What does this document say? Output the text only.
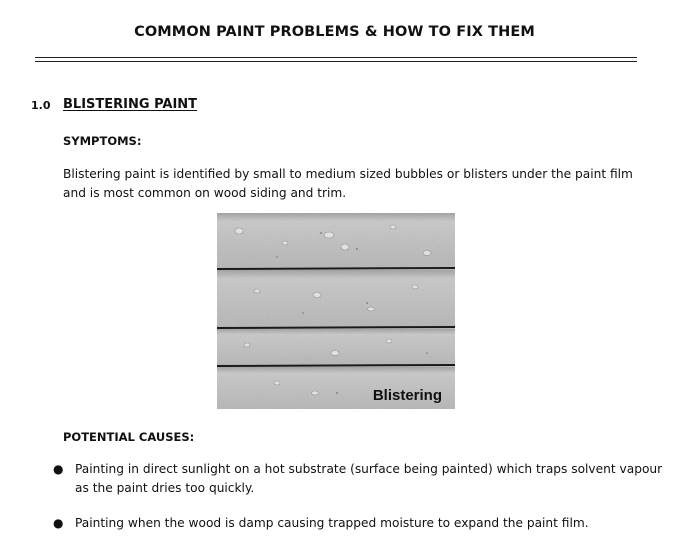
COMMON PAINT PROBLEMS & HOW TO FIX THEM
1.0 BLISTERING PAINT
SYMPTOMS:
Blistering paint is identified by small to medium sized bubbles or blisters under the paint film and is most common on wood siding and trim.
Blistering
POTENTIAL CAUSES:
● Painting in direct sunlight on a hot substrate (surface being painted) which traps solvent vapour as the paint dries too quickly.
● Painting when the wood is damp causing trapped moisture to expand the paint film.
